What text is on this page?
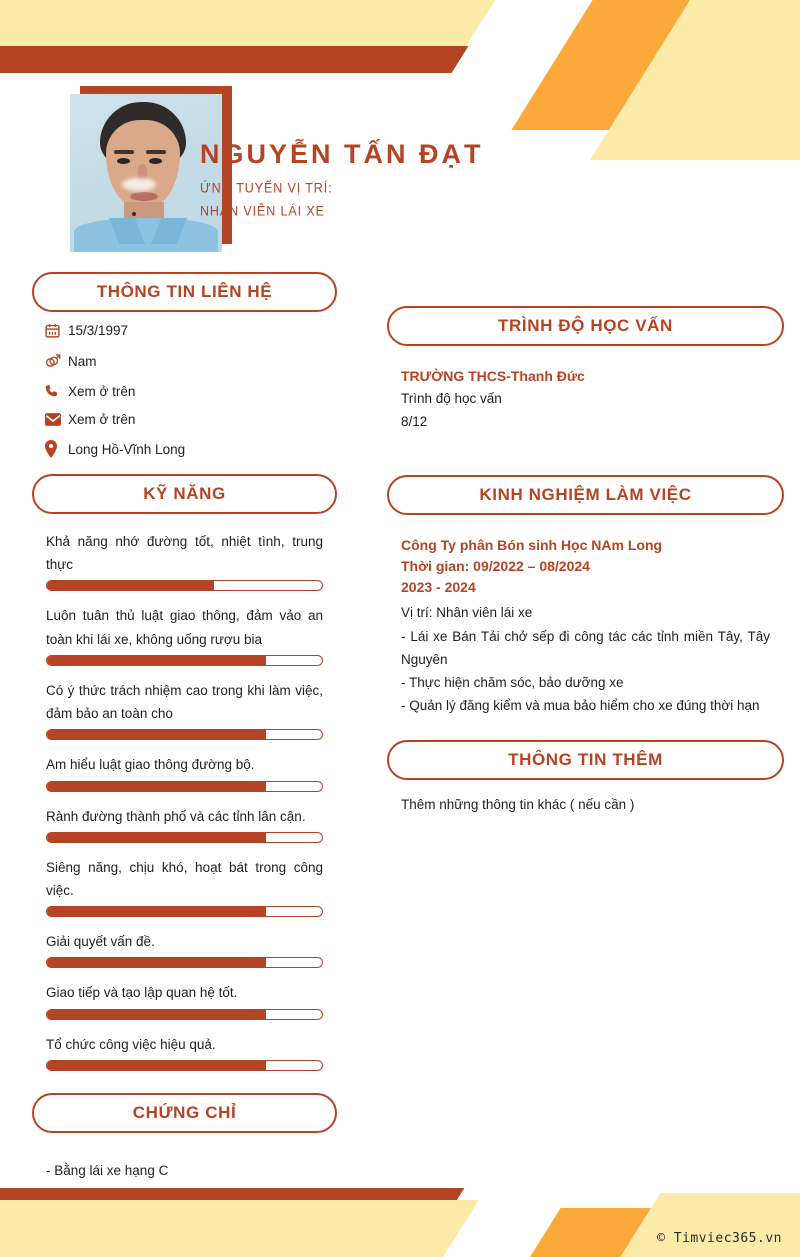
NGUYỄN TẤN ĐẠT
ỨNG TUYỂN VỊ TRÍ:
NHÂN VIÊN LÁI XE
THÔNG TIN LIÊN HỆ
15/3/1997
Nam
Xem ở trên
Xem ở trên
Long Hồ-Vĩnh Long
KỸ NĂNG
Khả năng nhớ đường tốt, nhiệt tình, trung thực
Luôn tuân thủ luật giao thông, đảm vảo an toàn khi lái xe, không uống rượu bia
Có ý thức trách nhiệm cao trong khi làm việc, đảm bảo an toàn cho
Am hiểu luật giao thông đường bộ.
Rành đường thành phố và các tỉnh lân cận.
Siêng năng, chịu khó, hoạt bát trong công việc.
Giải quyết vấn đề.
Giao tiếp và tạo lập quan hệ tốt.
Tổ chức công việc hiệu quả.
CHỨNG CHỈ
- Bằng lái xe hạng C
TRÌNH ĐỘ HỌC VẤN
TRƯỜNG THCS-Thanh Đức
Trình độ học vấn
8/12
KINH NGHIỆM LÀM VIỆC
Công Ty phân Bón sinh Học NAm Long
Thời gian: 09/2022 – 08/2024
2023 - 2024
Vị trí: Nhân viên lái xe
- Lái xe Bán Tải chở sếp đi công tác các tỉnh miền Tây, Tây Nguyên
- Thực hiện chăm sóc, bảo dưỡng xe
- Quản lý đăng kiểm và mua bảo hiểm cho xe đúng thời hạn
THÔNG TIN THÊM
Thêm những thông tin khác ( nếu cần )
© Timviec365.vn
